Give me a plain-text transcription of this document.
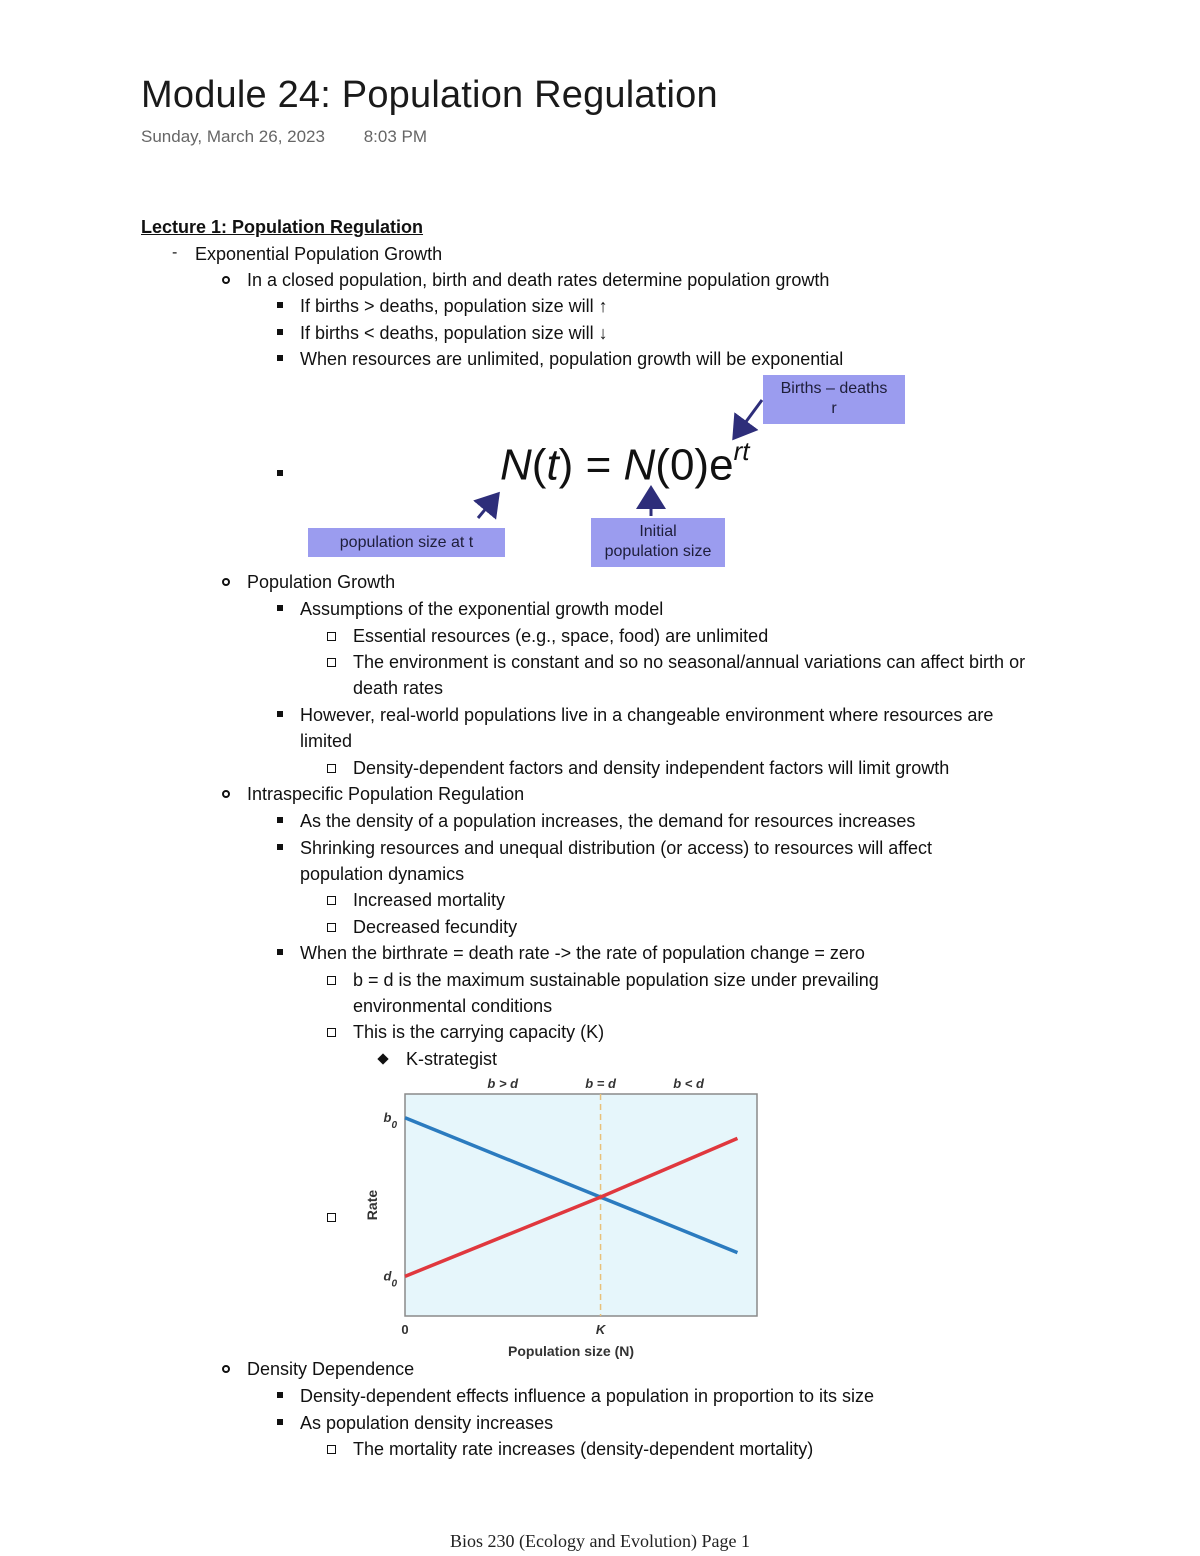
Module 24: Population Regulation
Sunday, March 26, 2023 8:03 PM
Lecture 1: Population Regulation
- Exponential Population Growth
In a closed population, birth and death rates determine population growth
If births > deaths, population size will ↑
If births < deaths, population size will ↓
When resources are unlimited, population growth will be exponential
$N(t) = N(0)e^{rt}$
Births – deaths
r
population size at t
Initial
population size
Population Growth
Assumptions of the exponential growth model
Essential resources (e.g., space, food) are unlimited
The environment is constant and so no seasonal/annual variations can affect birth or death rates
However, real-world populations live in a changeable environment where resources are limited
Density-dependent factors and density independent factors will limit growth
Intraspecific Population Regulation
As the density of a population increases, the demand for resources increases
Shrinking resources and unequal distribution (or access) to resources will affect population dynamics
Increased mortality
Decreased fecundity
When the birthrate = death rate -> the rate of population change = zero
b = d is the maximum sustainable population size under prevailing environmental conditions
This is the carrying capacity (K)
K-strategist
b > d	b = d	b < d
$b_0$
$d_0$
0	K
Population size (N)
Rate
Density Dependence
Density-dependent effects influence a population in proportion to its size
As population density increases
The mortality rate increases (density-dependent mortality)
Bios 230 (Ecology and Evolution) Page 1
